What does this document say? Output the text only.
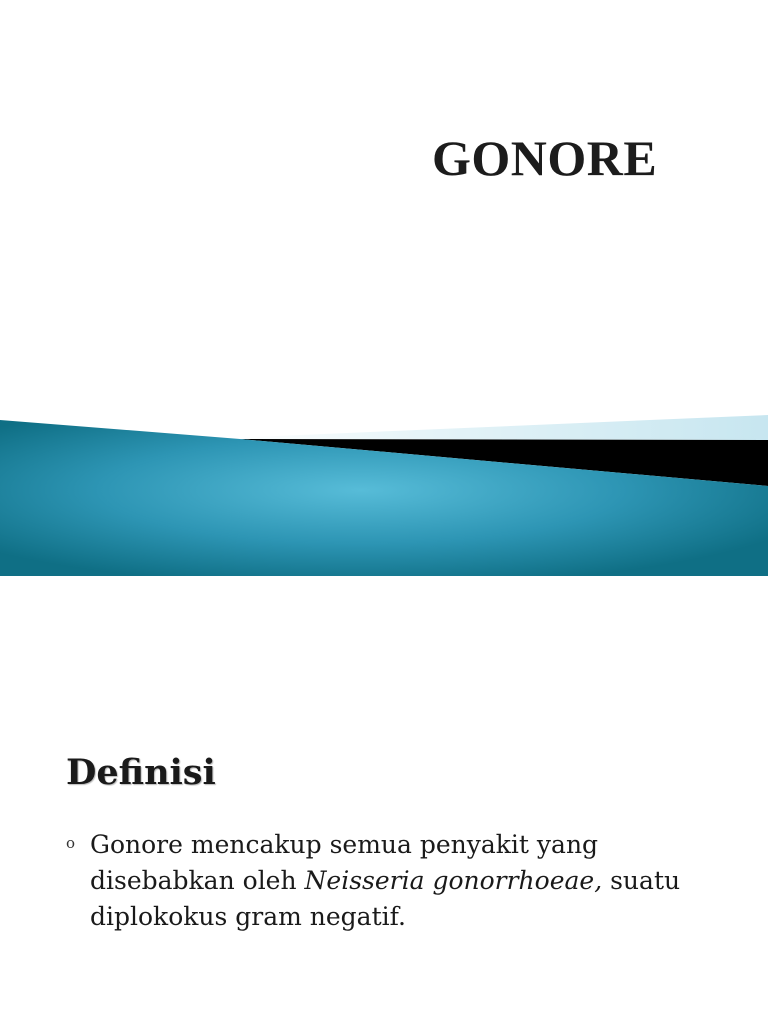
GONORE
Definisi
o Gonore mencakup semua penyakit yang disebabkan oleh Neisseria gonorrhoeae, suatu diplokokus gram negatif.
